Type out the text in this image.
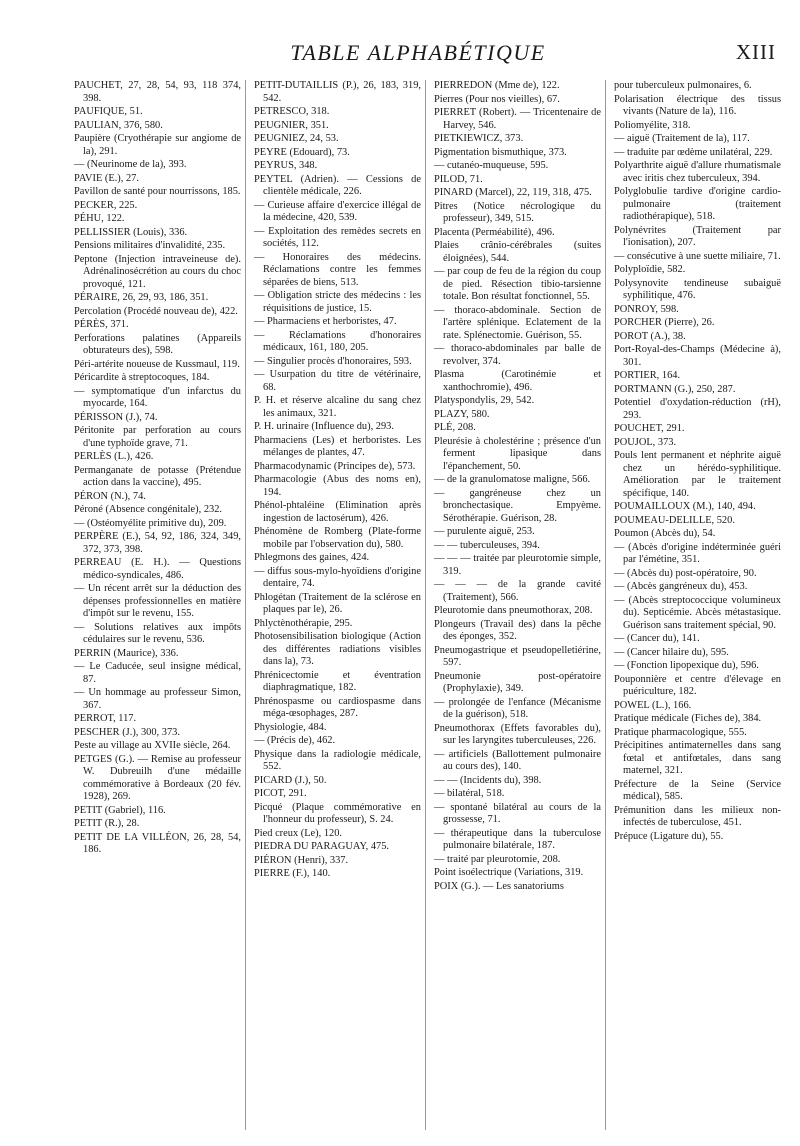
TABLE ALPHABÉTIQUE	XIII

PAUCHET, 27, 28, 54, 93, 118 374, 398.

PAUFIQUE, 51.

PAULIAN, 376, 580.

Paupière (Cryothérapie sur angiome de la), 291.

— (Neurinome de la), 393.

PAVIE (E.), 27.

Pavillon de santé pour nourrissons, 185.

PECKER, 225.

PÉHU, 122.

PELLISSIER (Louis), 336.

Pensions militaires d'invalidité, 235.

Peptone (Injection intraveineuse de). Adrénalinosécrétion au cours du choc provoqué, 121.

PÉRAIRE, 26, 29, 93, 186, 351.

Percolation (Procédé nouveau de), 422.

PÉRÈS, 371.

Perforations palatines (Appareils obturateurs des), 598.

Péri-artérite noueuse de Kussmaul, 119.

Péricardite à streptocoques, 184.

— symptomatique d'un infarctus du myocarde, 164.

PÉRISSON (J.), 74.

Péritonite par perforation au cours d'une typhoïde grave, 71.

PERLÈS (L.), 426.

Permanganate de potasse (Prétendue action dans la vaccine), 495.

PÉRON (N.), 74.

Péroné (Absence congénitale), 232.

— (Ostéomyélite primitive du), 209.

PERPÈRE (E.), 54, 92, 186, 324, 349, 372, 373, 398.

PERREAU (E. H.). — Questions médico-syndicales, 486.

— Un récent arrêt sur la déduction des dépenses professionnelles en matière d'impôt sur le revenu, 155.

— Solutions relatives aux impôts cédulaires sur le revenu, 536.

PERRIN (Maurice), 336.

— Le Caducée, seul insigne médical, 87.

— Un hommage au professeur Simon, 367.

PERROT, 117.

PESCHER (J.), 300, 373.

Peste au village au XVIIe siècle, 264.

PETGES (G.). — Remise au professeur W. Dubreuilh d'une médaille commémorative à Bordeaux (20 fév. 1928), 269.

PETIT (Gabriel), 116.

PETIT (R.), 28.

PETIT DE LA VILLÉON, 26, 28, 54, 186.

PETIT-DUTAILLIS (P.), 26, 183, 319, 542.

PETRESCO, 318.

PEUGNIER, 351.

PEUGNIEZ, 24, 53.

PEYRE (Edouard), 73.

PEYRUS, 348.

PEYTEL (Adrien). — Cessions de clientèle médicale, 226.

— Curieuse affaire d'exercice illégal de la médecine, 420, 539.

— Exploitation des remèdes secrets en sociétés, 112.

— Honoraires des médecins. Réclamations contre les femmes séparées de biens, 513.

— Obligation stricte des médecins : les réquisitions de justice, 15.

— Pharmaciens et herboristes, 47.

— Réclamations d'honoraires médicaux, 161, 180, 205.

— Singulier procès d'honoraires, 593.

— Usurpation du titre de vétérinaire, 68.

P. H. et réserve alcaline du sang chez les animaux, 321.

P. H. urinaire (Influence du), 293.

Pharmaciens (Les) et herboristes. Les mélanges de plantes, 47.

Pharmacodynamic (Principes de), 573.

Pharmacologie (Abus des noms en), 194.

Phénol-phtaléine (Elimination après ingestion de lactosérum), 426.

Phénomène de Romberg (Plate-forme mobile par l'observation du), 580.

Phlegmons des gaines, 424.

— diffus sous-mylo-hyoïdiens d'origine dentaire, 74.

Phlogétan (Traitement de la sclérose en plaques par le), 26.

Phlyctènothérapie, 295.

Photosensibilisation biologique (Action des différentes radiations visibles dans la), 73.

Phrénicectomie et éventration diaphragmatique, 182.

Phrénospasme ou cardiospasme dans méga-œsophages, 287.

Physiologie, 484.

— (Précis de), 462.

Physique dans la radiologie médicale, 552.

PICARD (J.), 50.

PICOT, 291.

Picqué (Plaque commémorative en l'honneur du professeur), S. 24.

Pied creux (Le), 120.

PIEDRA DU PARAGUAY, 475.

PIÉRON (Henri), 337.

PIERRE (F.), 140.

PIERREDON (Mme de), 122.

Pierres (Pour nos vieilles), 67.

PIERRET (Robert). — Tricentenaire de Harvey, 546.

PIETKIEWICZ, 373.

Pigmentation bismuthique, 373.

— cutanéo-muqueuse, 595.

PILOD, 71.

PINARD (Marcel), 22, 119, 318, 475.

Pitres (Notice nécrologique du professeur), 349, 515.

Placenta (Perméabilité), 496.

Plaies crânio-cérébrales (suites éloignées), 544.

— par coup de feu de la région du coup de pied. Résection tibio-tarsienne totale. Bon résultat fonctionnel, 55.

— thoraco-abdominale. Section de l'artère splénique. Eclatement de la rate. Splénectomie. Guérison, 55.

— thoraco-abdominales par balle de revolver, 374.

Plasma (Carotinémie et xanthochromie), 496.

Platyspondylis, 29, 542.

PLAZY, 580.

PLÉ, 208.

Pleurésie à cholestérine ; présence d'un ferment lipasique dans l'épanchement, 50.

— de la granulomatose maligne, 566.

— gangréneuse chez un bronchectasique. Empyème. Sérothérapie. Guérison, 28.

— purulente aiguë, 253.

— — tuberculeuses, 394.

— — — traitée par pleurotomie simple, 319.

— — — de la grande cavité (Traitement), 566.

Pleurotomie dans pneumothorax, 208.

Plongeurs (Travail des) dans la pêche des éponges, 352.

Pneumogastrique et pseudopelletiérine, 597.

Pneumonie post-opératoire (Prophylaxie), 349.

— prolongée de l'enfance (Mécanisme de la guérison), 518.

Pneumothorax (Effets favorables du), sur les laryngites tuberculeuses, 226.

— artificiels (Ballottement pulmonaire au cours des), 140.

— — (Incidents du), 398.

— bilatéral, 518.

— spontané bilatéral au cours de la grossesse, 71.

— thérapeutique dans la tuberculose pulmonaire bilatérale, 187.

— traité par pleurotomie, 208.

Point isoélectrique (Variations, 319.

POIX (G.). — Les sanatoriums

pour tuberculeux pulmonaires, 6.

Polarisation électrique des tissus vivants (Nature de la), 116.

Poliomyélite, 318.

— aiguë (Traitement de la), 117.

— traduite par œdème unilatéral, 229.

Polyarthrite aiguë d'allure rhumatismale avec iritis chez tuberculeux, 394.

Polyglobulie tardive d'origine cardio-pulmonaire (traitement radiothérapique), 518.

Polynévrites (Traitement par l'ionisation), 207.

— consécutive à une suette miliaire, 71.

Polyploïdie, 582.

Polysynovite tendineuse subaiguë syphilitique, 476.

PONROY, 598.

PORCHER (Pierre), 26.

POROT (A.), 38.

Port-Royal-des-Champs (Médecine à), 301.

PORTIER, 164.

PORTMANN (G.), 250, 287.

Potentiel d'oxydation-réduction (rH), 293.

POUCHET, 291.

POUJOL, 373.

Pouls lent permanent et néphrite aiguë chez un hérédo-syphilitique. Amélioration par le traitement spécifique, 140.

POUMAILLOUX (M.), 140, 494.

POUMEAU-DELILLE, 520.

Poumon (Abcès du), 54.

— (Abcès d'origine indéterminée guéri par l'émétine, 351.

— (Abcès du) post-opératoire, 90.

— (Abcès gangréneux du), 453.

— (Abcès streptococcique volumineux du). Septicémie. Abcès métastasique. Guérison sans traitement spécial, 90.

— (Cancer du), 141.

— (Cancer hilaire du), 595.

— (Fonction lipopexique du), 596.

Pouponnière et centre d'élevage en puériculture, 182.

POWEL (L.), 166.

Pratique médicale (Fiches de), 384.

Pratique pharmacologique, 555.

Précipitines antimaternelles dans sang fœtal et antifœtales, dans sang maternel, 321.

Préfecture de la Seine (Service médical), 585.

Prémunition dans les milieux non-infectés de tuberculose, 451.

Prépuce (Ligature du), 55.
